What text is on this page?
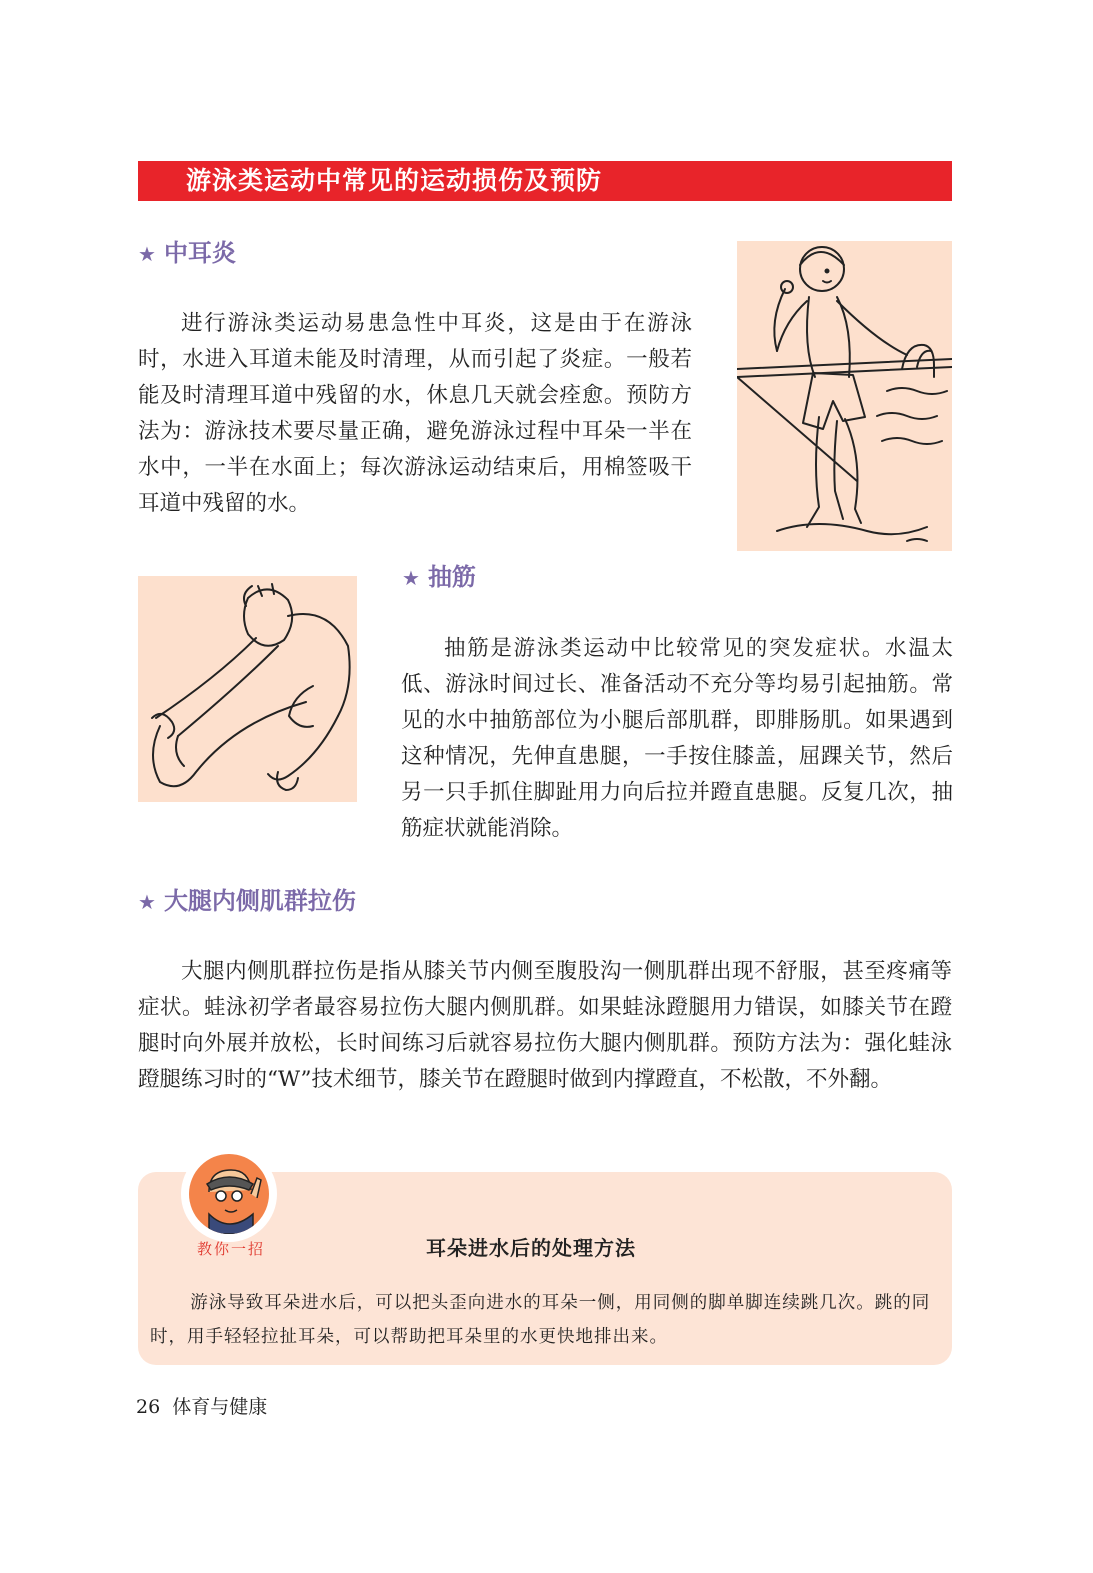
游泳类运动中常见的运动损伤及预防
★ 中耳炎

进行游泳类运动易患急性中耳炎，这是由于在游泳时，水进入耳道未能及时清理，从而引起了炎症。一般若能及时清理耳道中残留的水，休息几天就会痊愈。预防方法为：游泳技术要尽量正确，避免游泳过程中耳朵一半在水中，一半在水面上；每次游泳运动结束后，用棉签吸干耳道中残留的水。

★ 抽筋

抽筋是游泳类运动中比较常见的突发症状。水温太低、游泳时间过长、准备活动不充分等均易引起抽筋。常见的水中抽筋部位为小腿后部肌群，即腓肠肌。如果遇到这种情况，先伸直患腿，一手按住膝盖，屈踝关节，然后另一只手抓住脚趾用力向后拉并蹬直患腿。反复几次，抽筋症状就能消除。

★ 大腿内侧肌群拉伤

大腿内侧肌群拉伤是指从膝关节内侧至腹股沟一侧肌群出现不舒服，甚至疼痛等症状。蛙泳初学者最容易拉伤大腿内侧肌群。如果蛙泳蹬腿用力错误，如膝关节在蹬腿时向外展并放松，长时间练习后就容易拉伤大腿内侧肌群。预防方法为：强化蛙泳蹬腿练习时的“W”技术细节，膝关节在蹬腿时做到内撑蹬直，不松散，不外翻。

教你一招	耳朵进水后的处理方法

游泳导致耳朵进水后，可以把头歪向进水的耳朵一侧，用同侧的脚单脚连续跳几次。跳的同时，用手轻轻拉扯耳朵，可以帮助把耳朵里的水更快地排出来。

26 体育与健康
